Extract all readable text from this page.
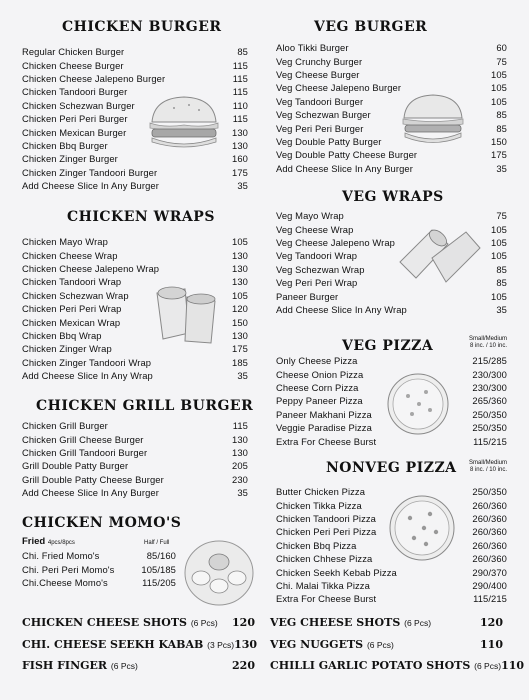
CHICKEN BURGER
Regular Chicken Burger	85
Chicken Cheese Burger	115
Chicken Cheese Jalepeno Burger	115
Chicken Tandoori Burger	115
Chicken Schezwan Burger	110
Chicken Peri Peri Burger	115
Chicken Mexican Burger	130
Chicken Bbq Burger	130
Chicken Zinger Burger	160
Chicken Zinger Tandoori Burger	175
Add Cheese Slice In Any Burger	35
CHICKEN WRAPS
Chicken Mayo Wrap	105
Chicken Cheese Wrap	130
Chicken Cheese Jalepeno Wrap	130
Chicken Tandoori Wrap	130
Chicken Schezwan Wrap	105
Chicken Peri Peri Wrap	120
Chicken Mexican Wrap	150
Chicken Bbq Wrap	130
Chicken Zinger Wrap	175
Chicken Zinger Tandoori Wrap	185
Add Cheese Slice In Any Wrap	35
CHICKEN GRILL BURGER
Chicken Grill Burger	115
Chicken Grill Cheese Burger	130
Chicken Grill Tandoori Burger	130
Grill Double Patty Burger	205
Grill Double Patty Cheese Burger	230
Add Cheese Slice In Any Burger	35
CHICKEN MOMO'S
Fried 4pcs/8pcs	Half / Full
Chi. Fried Momo's	85/160
Chi. Peri Peri Momo's	105/185
Chi.Cheese Momo's	115/205
VEG BURGER
Aloo Tikki Burger	60
Veg Crunchy Burger	75
Veg Cheese Burger	105
Veg Cheese Jalepeno Burger	105
Veg Tandoori Burger	105
Veg Schezwan Burger	85
Veg Peri Peri Burger	85
Veg Double Patty Burger	150
Veg Double Patty Cheese Burger	175
Add Cheese Slice In Any Burger	35
VEG WRAPS
Veg Mayo Wrap	75
Veg Cheese Wrap	105
Veg Cheese Jalepeno Wrap	105
Veg Tandoori Wrap	105
Veg Schezwan Wrap	85
Veg Peri Peri Wrap	85
Paneer Burger	105
Add Cheese Slice In Any Wrap	35
VEG PIZZA	Small/Medium
8 inc. / 10 inc.
Only Cheese Pizza	215/285
Cheese Onion Pizza	230/300
Cheese Corn Pizza	230/300
Peppy Paneer Pizza	265/360
Paneer Makhani Pizza	250/350
Veggie Paradise Pizza	250/350
Extra For Cheese Burst	115/215
NONVEG PIZZA Small/Medium
8 inc. / 10 inc.
Butter Chicken Pizza	250/350
Chicken Tikka Pizza	260/360
Chicken Tandoori Pizza	260/360
Chicken Peri Peri Pizza	260/360
Chicken Bbq Pizza	260/360
Chicken Chhese Pizza	260/360
Chicken Seekh Kebab Pizza	290/370
Chi. Malai Tikka Pizza	290/400
Extra For Cheese Burst	115/215
CHICKEN CHEESE SHOTS (6 Pcs) 120
CHI. CHEESE SEEKH KABAB (3 Pcs) 130
FISH FINGER (6 Pcs)	220
VEG CHEESE SHOTS (6 Pcs)	120
VEG NUGGETS (6 Pcs)	110
CHILLI GARLIC POTATO SHOTS (6 Pcs) 110
